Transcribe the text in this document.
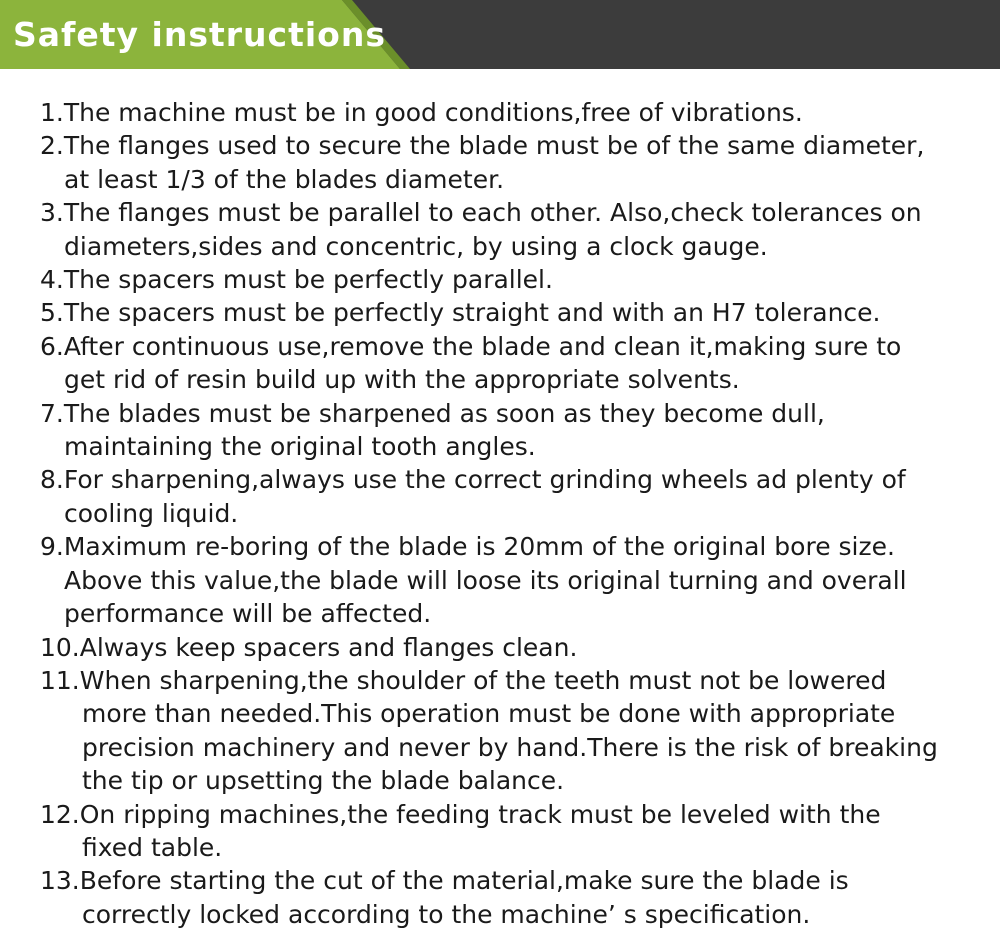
Safety instructions
1.The machine must be in good conditions,free of vibrations.
2.The flanges used to secure the blade must be of the same diameter,
at least 1/3 of the blades diameter.
3.The flanges must be parallel to each other. Also,check tolerances on
diameters,sides and concentric, by using a clock gauge.
4.The spacers must be perfectly parallel.
5.The spacers must be perfectly straight and with an H7 tolerance.
6.After continuous use,remove the blade and clean it,making sure to
get rid of resin build up with the appropriate solvents.
7.The blades must be sharpened as soon as they become dull,
maintaining the original tooth angles.
8.For sharpening,always use the correct grinding wheels ad plenty of
cooling liquid.
9.Maximum re-boring of the blade is 20mm of the original bore size.
Above this value,the blade will loose its original turning and overall
performance will be affected.
10.Always keep spacers and flanges clean.
11.When sharpening,the shoulder of the teeth must not be lowered
more than needed.This operation must be done with appropriate
precision machinery and never by hand.There is the risk of breaking
the tip or upsetting the blade balance.
12.On ripping machines,the feeding track must be leveled with the
fixed table.
13.Before starting the cut of the material,make sure the blade is
correctly locked according to the machine’ s specification.
